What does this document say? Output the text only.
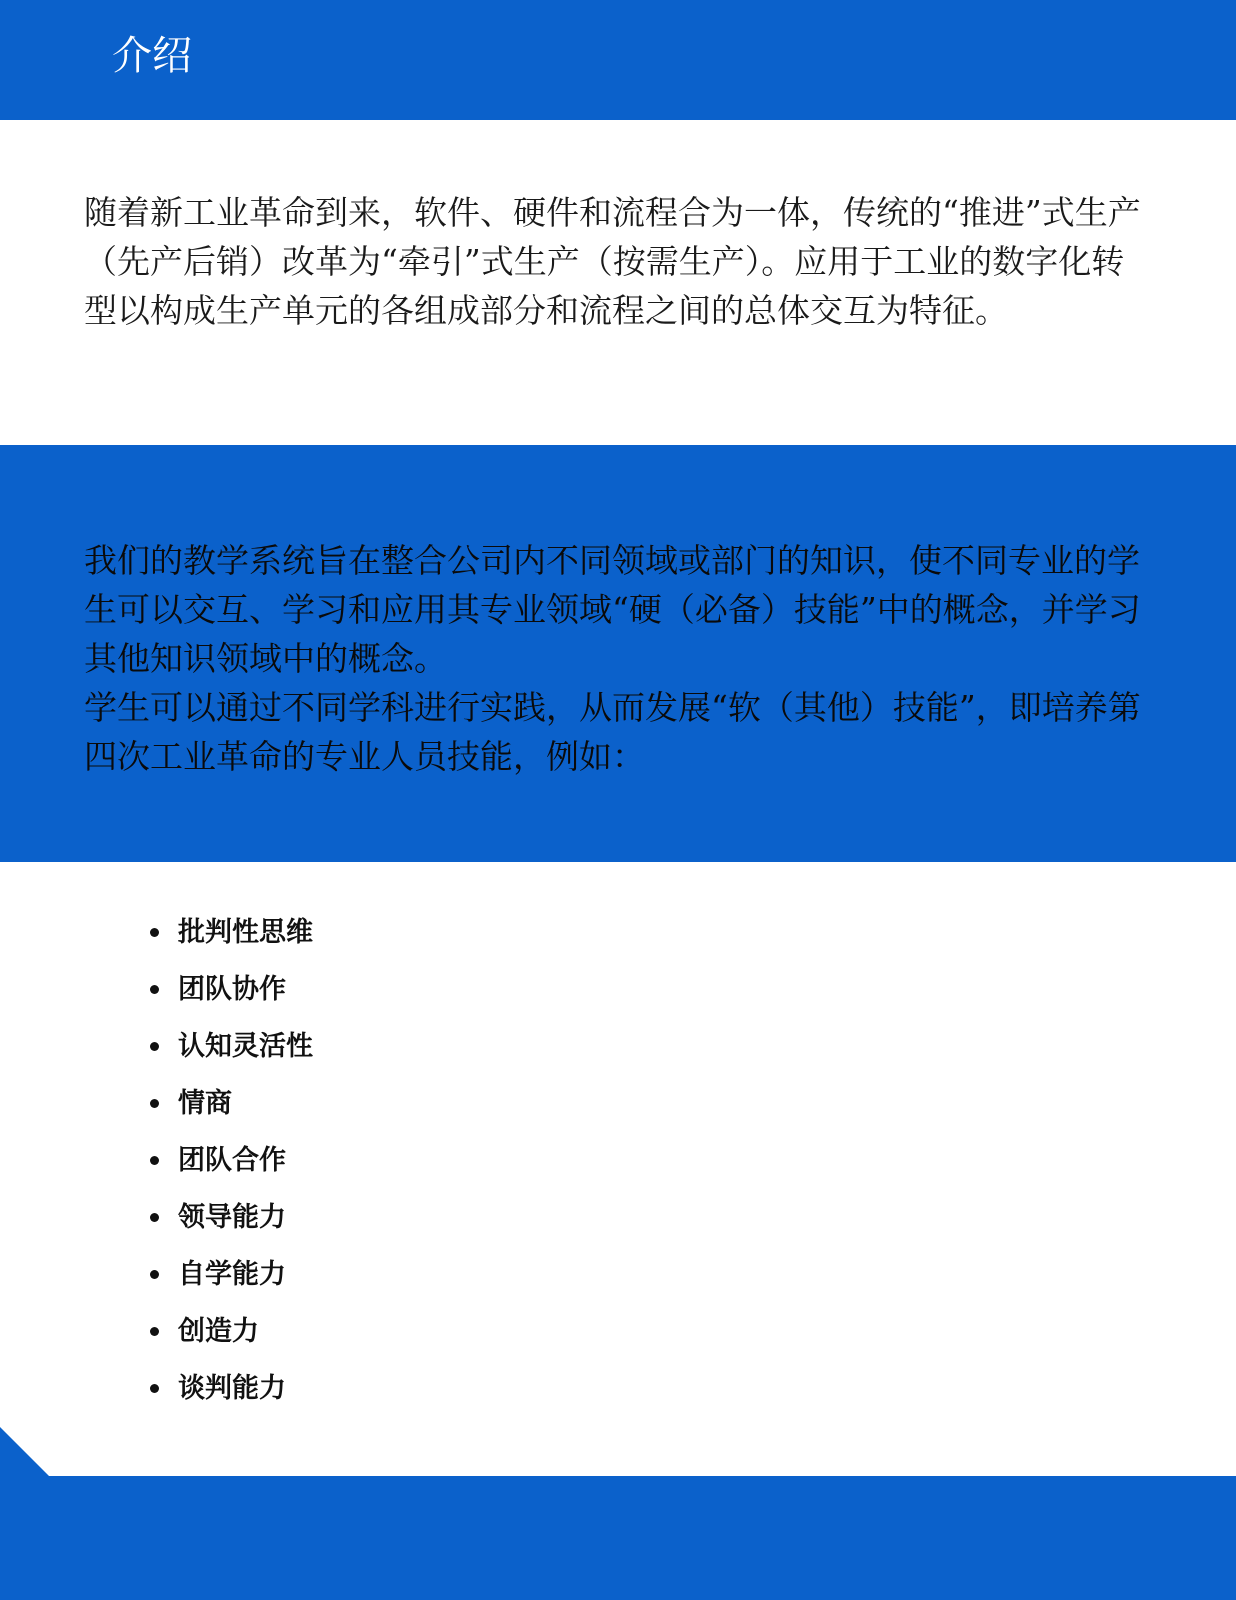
介绍

随着新工业革命到来，软件、硬件和流程合为一体，传统的“推进”式生产（先产后销）改革为“牵引”式生产（按需生产）。应用于工业的数字化转型以构成生产单元的各组成部分和流程之间的总体交互为特征。

我们的教学系统旨在整合公司内不同领域或部门的知识，使不同专业的学生可以交互、学习和应用其专业领域“硬（必备）技能”中的概念，并学习其他知识领域中的概念。

学生可以通过不同学科进行实践，从而发展“软（其他）技能”，即培养第四次工业革命的专业人员技能，例如：

批判性思维
团队协作
认知灵活性
情商
团队合作
领导能力
自学能力
创造力
谈判能力
